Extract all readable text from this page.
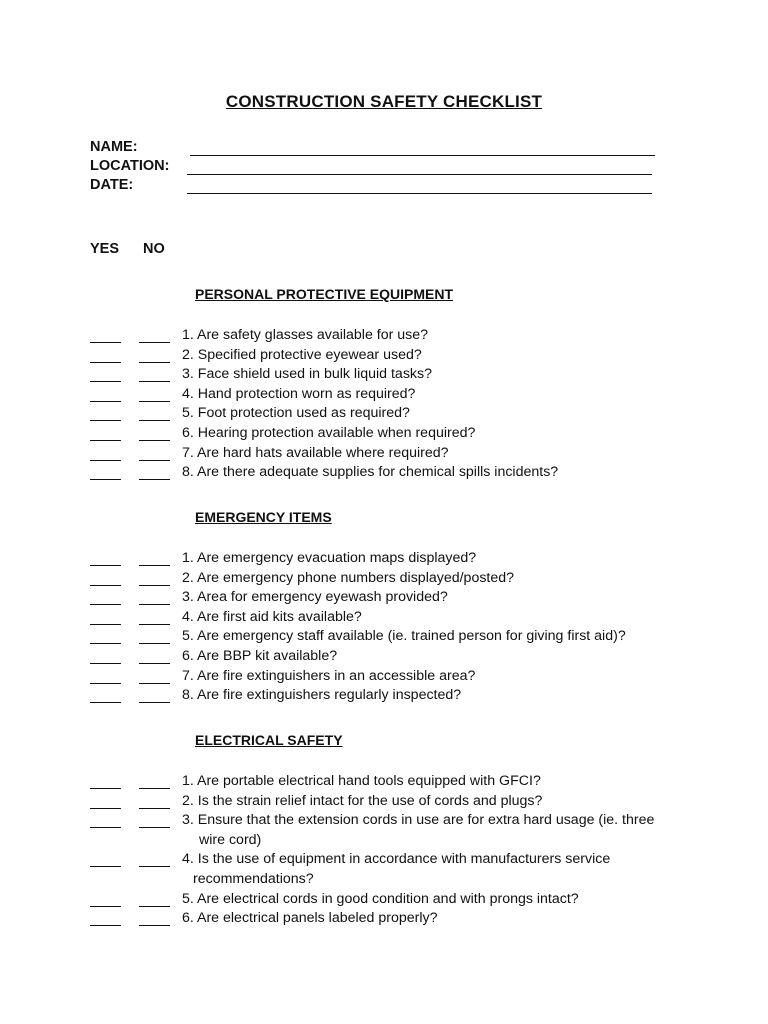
CONSTRUCTION SAFETY CHECKLIST
NAME:
LOCATION:
DATE:
YES NO
PERSONAL PROTECTIVE EQUIPMENT
1. Are safety glasses available for use?
2. Specified protective eyewear used?
3. Face shield used in bulk liquid tasks?
4. Hand protection worn as required?
5. Foot protection used as required?
6. Hearing protection available when required?
7. Are hard hats available where required?
8. Are there adequate supplies for chemical spills incidents?
EMERGENCY ITEMS
1. Are emergency evacuation maps displayed?
2. Are emergency phone numbers displayed/posted?
3. Area for emergency eyewash provided?
4. Are first aid kits available?
5. Are emergency staff available (ie. trained person for giving first aid)?
6. Are BBP kit available?
7. Are fire extinguishers in an accessible area?
8. Are fire extinguishers regularly inspected?
ELECTRICAL SAFETY
1. Are portable electrical hand tools equipped with GFCI?
2. Is the strain relief intact for the use of cords and plugs?
3. Ensure that the extension cords in use are for extra hard usage (ie. three
wire cord)
4. Is the use of equipment in accordance with manufacturers service
recommendations?
5. Are electrical cords in good condition and with prongs intact?
6. Are electrical panels labeled properly?
